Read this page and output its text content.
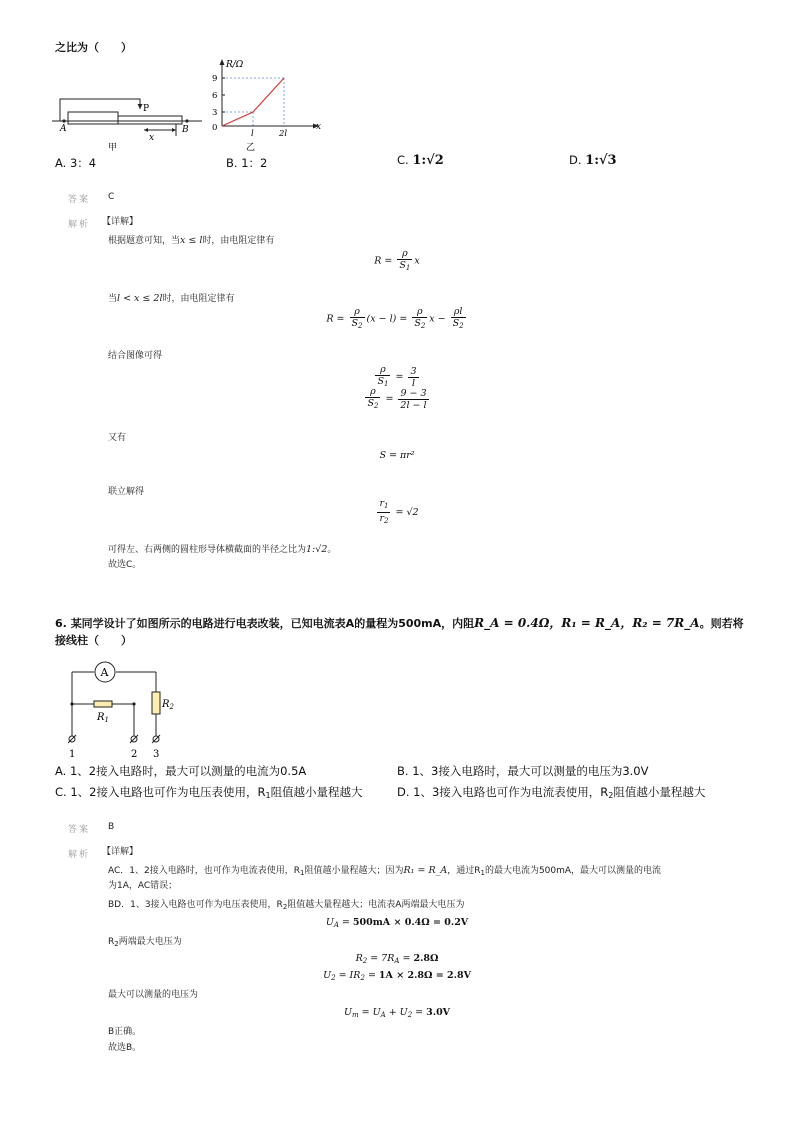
之比为（　　）
A	B
P
x
甲
R/Ω
x
9
6
3
0
l	2l
乙
A. 3：4	B. 1：2	C. 1:√2	D. 1:√3
答案 C
解析 【详解】
根据题意可知，当x ≤ l时，由电阻定律有
$R = \frac{\rho}{S_1}$ x
当l < x ≤ 2l时，由电阻定律有
$R = \frac{\rho}{S_2} (x - l) = \frac{\rho}{S_2}$ $x - \frac{\rho l}{S_2}$
结合图像可得
$\frac{\rho}{S_1} = \frac{3}{l}$
$\frac{\rho}{S_2} = \frac{9 - 3}{2l - l}$
又有
S = πr²
联立解得
$\frac{r_1}{r_2} = √2$
可得左、右两侧的圆柱形导体横截面的半径之比为1:√2。
故选C。
6. 某同学设计了如图所示的电路进行电表改装，已知电流表A的量程为500mA，内阻R_A = 0.4Ω，R₁ = R_A，R₂ = 7R_A。则若将
接线柱（　　）
A
$R_1$
$R_2$
1	2 3
A. 1、2接入电路时，最大可以测量的电流为0.5A	B. 1、3接入电路时，最大可以测量的电压为3.0V
C. 1、2接入电路也可作为电压表使用，$R_1$阻值越小量程越大	D. 1、3接入电路也可作为电流表使用，$R_2$阻值越小量程越大
答案 B
解析 【详解】
AC．1、2接入电路时，也可作为电流表使用，$R_1$阻值越小量程越大；因为R₁ = R_A，通过$R_1$的最大电流为500mA，最大可以测量的电流
为1A，AC错误；
BD．1、3接入电路也可作为电压表使用，$R_2$阻值越大量程越大；电流表A两端最大电压为
$U_A = 500mA \times 0.4\Omega = 0.2V$
$R_2$两端最大电压为
$R_2 = 7R_A = 2.8\Omega$
$U_2 = IR_2 = 1A \times 2.8\Omega = 2.8V$
最大可以测量的电压为
$U_m = U_A + U_2 = 3.0V$
B正确。
故选B。
